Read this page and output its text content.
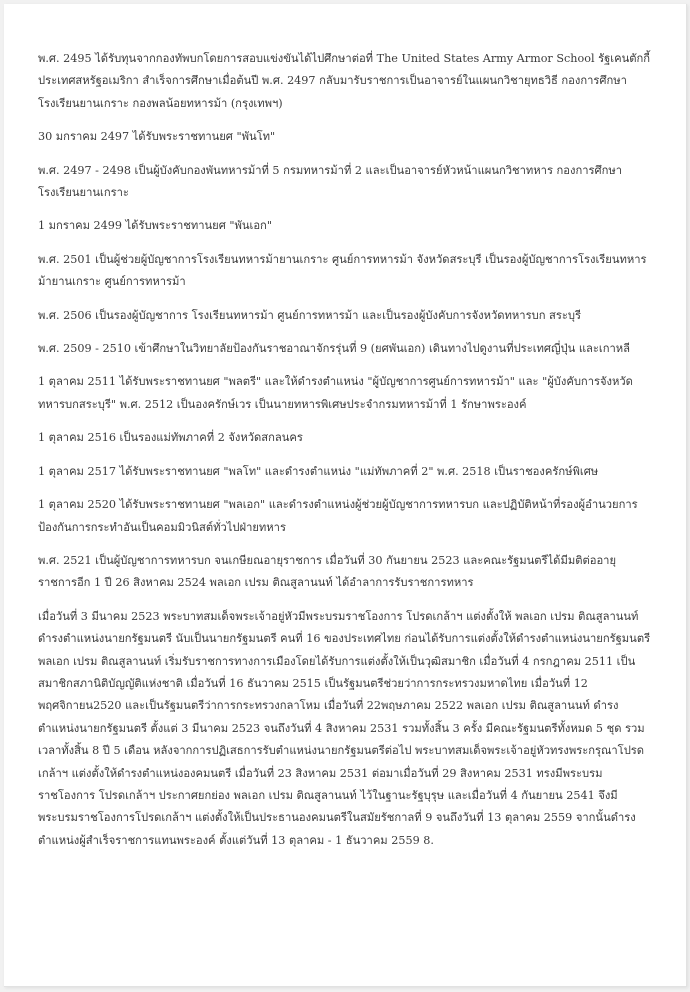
พ.ศ. 2495 ได้รับทุนจากกองทัพบกโดยการสอบแข่งขันได้ไปศึกษาต่อที่ The United States Army Armor School รัฐเคนตักกี้ ประเทศสหรัฐอเมริกา สำเร็จการศึกษาเมื่อต้นปี พ.ศ. 2497 กลับมารับราชการเป็นอาจารย์ในแผนกวิชายุทธวิธี กองการศึกษา โรงเรียนยานเกราะ กองพลน้อยทหารม้า (กรุงเทพฯ)

30 มกราคม 2497 ได้รับพระราชทานยศ "พันโท"

พ.ศ. 2497 - 2498 เป็นผู้บังคับกองพันทหารม้าที่ 5 กรมทหารม้าที่ 2 และเป็นอาจารย์หัวหน้าแผนกวิชาทหาร กองการศึกษา โรงเรียนยานเกราะ

1 มกราคม 2499 ได้รับพระราชทานยศ "พันเอก"

พ.ศ. 2501 เป็นผู้ช่วยผู้บัญชาการโรงเรียนทหารม้ายานเกราะ ศูนย์การทหารม้า จังหวัดสระบุรี เป็นรองผู้บัญชาการโรงเรียนทหารม้ายานเกราะ ศูนย์การทหารม้า

พ.ศ. 2506 เป็นรองผู้บัญชาการ โรงเรียนทหารม้า ศูนย์การทหารม้า และเป็นรองผู้บังคับการจังหวัดทหารบก สระบุรี

พ.ศ. 2509 - 2510 เข้าศึกษาในวิทยาลัยป้องกันราชอาณาจักรรุ่นที่ 9 (ยศพันเอก) เดินทางไปดูงานที่ประเทศญี่ปุ่น และเกาหลี

1 ตุลาคม 2511 ได้รับพระราชทานยศ "พลตรี" และให้ดำรงตำแหน่ง "ผู้บัญชาการศูนย์การทหารม้า" และ "ผู้บังคับการจังหวัดทหารบกสระบุรี" พ.ศ. 2512 เป็นองครักษ์เวร เป็นนายทหารพิเศษประจำกรมทหารม้าที่ 1 รักษาพระองค์

1 ตุลาคม 2516 เป็นรองแม่ทัพภาคที่ 2 จังหวัดสกลนคร

1 ตุลาคม 2517 ได้รับพระราชทานยศ "พลโท" และดำรงตำแหน่ง "แม่ทัพภาคที่ 2" พ.ศ. 2518 เป็นราชองครักษ์พิเศษ

1 ตุลาคม 2520 ได้รับพระราชทานยศ "พลเอก" และดำรงตำแหน่งผู้ช่วยผู้บัญชาการทหารบก และปฏิบัติหน้าที่รองผู้อำนวยการป้องกันการกระทำอันเป็นคอมมิวนิสต์ทั่วไปฝ่ายทหาร

พ.ศ. 2521 เป็นผู้บัญชาการทหารบก จนเกษียณอายุราชการ เมื่อวันที่ 30 กันยายน 2523 และคณะรัฐมนตรีได้มีมติต่ออายุราชการอีก 1 ปี 26 สิงหาคม 2524 พลเอก เปรม ติณสูลานนท์ ได้อำลาการรับราชการทหาร

เมื่อวันที่ 3 มีนาคม 2523 พระบาทสมเด็จพระเจ้าอยู่หัวมีพระบรมราชโองการ โปรดเกล้าฯ แต่งตั้งให้ พลเอก เปรม ติณสูลานนท์ ดำรงตำแหน่งนายกรัฐมนตรี นับเป็นนายกรัฐมนตรี คนที่ 16 ของประเทศไทย ก่อนได้รับการแต่งตั้งให้ดำรงตำแหน่งนายกรัฐมนตรี พลเอก เปรม ติณสูลานนท์ เริ่มรับราชการทางการเมืองโดยได้รับการแต่งตั้งให้เป็นวุฒิสมาชิก เมื่อวันที่ 4 กรกฎาคม 2511 เป็นสมาชิกสภานิติบัญญัติแห่งชาติ เมื่อวันที่ 16 ธันวาคม 2515 เป็นรัฐมนตรีช่วยว่าการกระทรวงมหาดไทย เมื่อวันที่ 12 พฤศจิกายน2520 และเป็นรัฐมนตรีว่าการกระทรวงกลาโหม เมื่อวันที่ 22พฤษภาคม 2522 พลเอก เปรม ติณสูลานนท์ ดำรงตำแหน่งนายกรัฐมนตรี ตั้งแต่ 3 มีนาคม 2523 จนถึงวันที่ 4 สิงหาคม 2531 รวมทั้งสิ้น 3 ครั้ง มีคณะรัฐมนตรีทั้งหมด 5 ชุด รวมเวลาทั้งสิ้น 8 ปี 5 เดือน หลังจากการปฏิเสธการรับตำแหน่งนายกรัฐมนตรีต่อไป พระบาทสมเด็จพระเจ้าอยู่หัวทรงพระกรุณาโปรดเกล้าฯ แต่งตั้งให้ดำรงตำแหน่งองคมนตรี เมื่อวันที่ 23 สิงหาคม 2531 ต่อมาเมื่อวันที่ 29 สิงหาคม 2531 ทรงมีพระบรมราชโองการ โปรดเกล้าฯ ประกาศยกย่อง พลเอก เปรม ติณสูลานนท์ ไว้ในฐานะรัฐบุรุษ และเมื่อวันที่ 4 กันยายน 2541 จึงมีพระบรมราชโองการโปรดเกล้าฯ แต่งตั้งให้เป็นประธานองคมนตรีในสมัยรัชกาลที่ 9 จนถึงวันที่ 13 ตุลาคม 2559 จากนั้นดำรงตำแหน่งผู้สำเร็จราชการแทนพระองค์ ตั้งแต่วันที่ 13 ตุลาคม - 1 ธันวาคม 2559 8.
